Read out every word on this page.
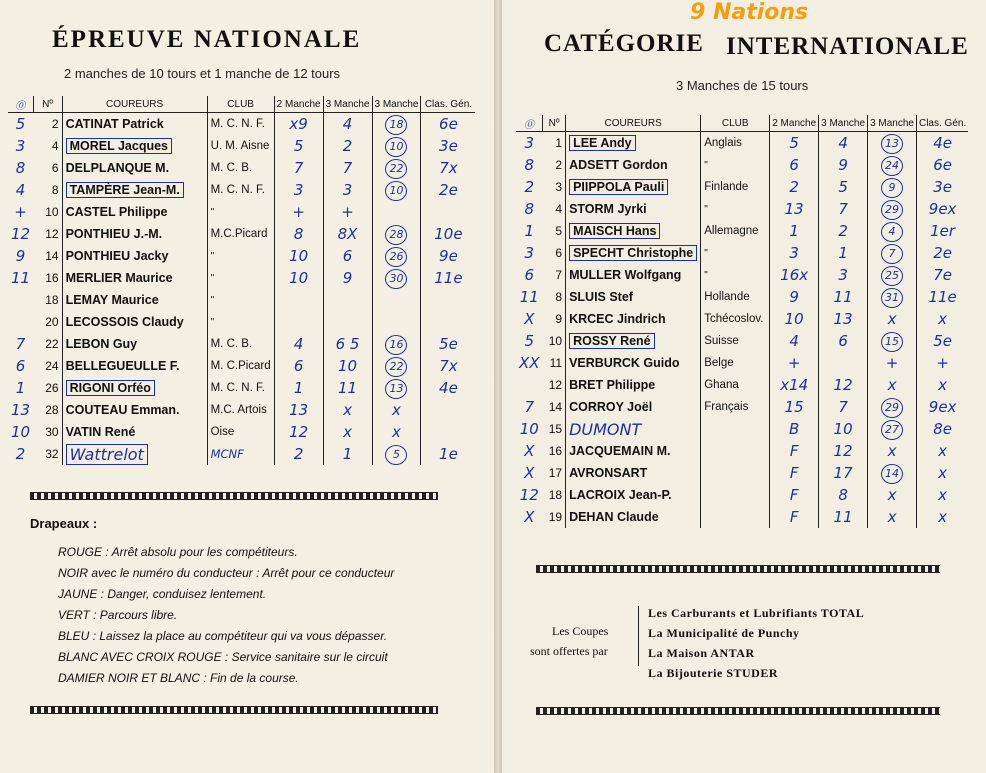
ÉPREUVE NATIONALE
2 manches de 10 tours et 1 manche de 12 tours
⓪	Nº	COUREURS	CLUB	2 Manche	3 Manche	3 Manche	Clas. Gén.
5	2	CATINAT Patrick	M. C. N. F.	x9	4	18	6e
3	4	MOREL Jacques	U. M. Aisne	5	2	10	3e
8	6	DELPLANQUE M.	M. C. B.	7	7	22	7x
4	8	TAMPÈRE Jean-M.	M. C. N. F.	3	3	10	2e
+	10	CASTEL Philippe	"	+	+		
12	12	PONTHIEU J.-M.	M.C.Picard	8	8X	28	10e
9	14	PONTHIEU Jacky	"	10	6	26	9e
11	16	MERLIER Maurice	"	10	9	30	11e
	18	LEMAY Maurice	"				
	20	LECOSSOIS Claudy	"				
7	22	LEBON Guy	M. C. B.	4	6 5	16	5e
6	24	BELLEGUEULLE F.	M. C.Picard	6	10	22	7x
1	26	RIGONI Orféo	M. C. N. F.	1	11	13	4e
13	28	COUTEAU Emman.	M.C. Artois	13	x	x	
10	30	VATIN René	Oise	12	x	x	
2	32	Wattrelot	MCNF	2	1	5	1e
Drapeaux :
ROUGE : Arrêt absolu pour les compétiteurs.
NOIR avec le numéro du conducteur : Arrêt pour ce conducteur
JAUNE : Danger, conduisez lentement.
VERT : Parcours libre.
BLEU : Laissez la place au compétiteur qui va vous dépasser.
BLANC AVEC CROIX ROUGE : Service sanitaire sur le circuit
DAMIER NOIR ET BLANC : Fin de la course.
9 Nations
CATÉGORIE INTERNATIONALE
3 Manches de 15 tours
⓪	Nº	COUREURS	CLUB	2 Manche	3 Manche	3 Manche	Clas. Gén.
3	1	LEE Andy	Anglais	5	4	13	4e
8	2	ADSETT Gordon	"	6	9	24	6e
2	3	PIIPPOLA Pauli	Finlande	2	5	9	3e
8	4	STORM Jyrki	"	13	7	29	9ex
1	5	MAISCH Hans	Allemagne	1	2	4	1er
3	6	SPECHT Christophe	"	3	1	7	2e
6	7	MULLER Wolfgang	"	16x	3	25	7e
11	8	SLUIS Stef	Hollande	9	11	31	11e
X	9	KRCEC Jindrich	Tchécoslov.	10	13	x	x
5	10	ROSSY René	Suisse	4	6	15	5e
XX	11	VERBURCK Guido	Belge	+		+	+
	12	BRET Philippe	Ghana	x14	12	x	x
7	14	CORROY Joël	Français	15	7	29	9ex
10	15	DUMONT		B	10	27	8e
X	16	JACQUEMAIN M.		F	12	x	x
X	17	AVRONSART		F	17	14	x
12	18	LACROIX Jean-P.		F	8	x	x
X	19	DEHAN Claude		F	11	x	x
Les Coupes
sont offertes par
Les Carburants et Lubrifiants TOTAL
La Municipalité de Punchy
La Maison ANTAR
La Bijouterie STUDER
